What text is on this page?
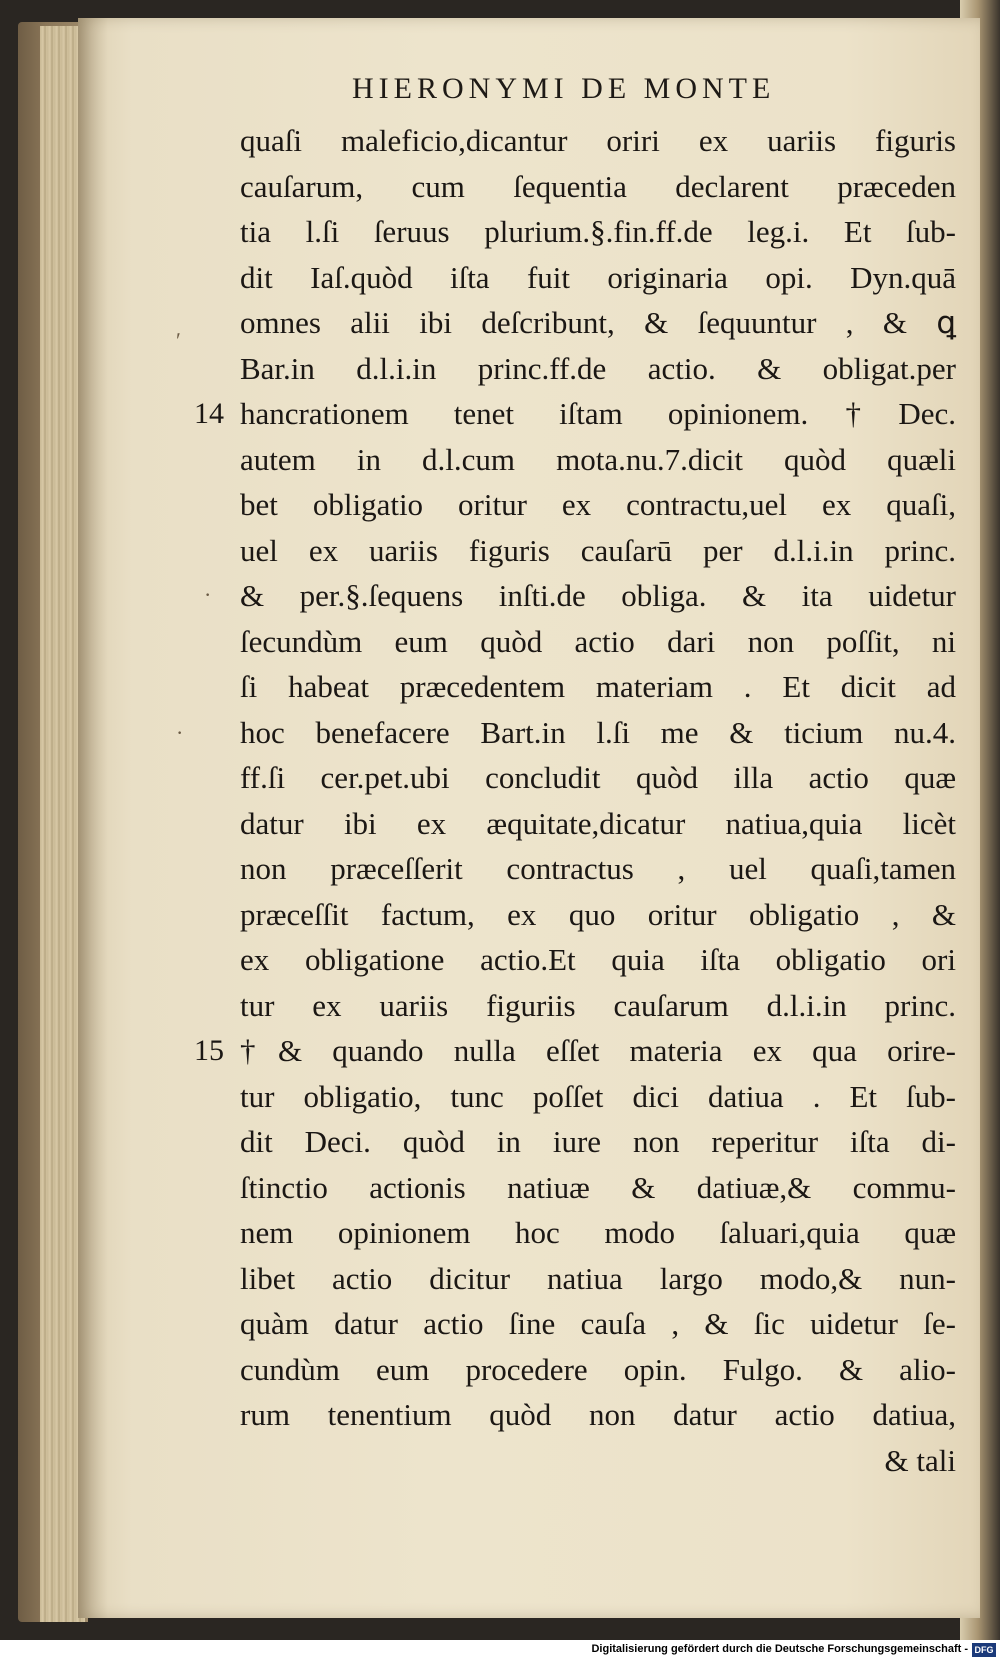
HIERONYMI DE MONTE
ʹ
·
·
quaſi maleficio,dicantur oriri ex uariis figuris
cauſarum, cum ſequentia declarent præceden
tia l.ſi ſeruus plurium.§.fin.ff.de leg.i. Et ſub-
dit Iaſ.quòd iſta fuit originaria opi. Dyn.quā
omnes alii ibi deſcribunt, & ſequuntur , & ꝗ
Bar.in d.l.i.in princ.ff.de actio. & obligat.per
hancrationem tenet iſtam opinionem.†Dec.
14
autem in d.l.cum mota.nu.7.dicit quòd quæli
bet obligatio oritur ex contractu,uel ex quaſi,
uel ex uariis figuris cauſarū per d.l.i.in princ.
& per.§.ſequens inſti.de obliga. & ita uidetur
ſecundùm eum quòd actio dari non poſſit, ni
ſi habeat præcedentem materiam . Et dicit ad
hoc benefacere Bart.in l.ſi me & ticium nu.4.
ff.ſi cer.pet.ubi concludit quòd illa actio quæ
datur ibi ex æquitate,dicatur natiua,quia licèt
non præceſſerit contractus , uel quaſi,tamen
præceſſit factum, ex quo oritur obligatio , &
ex obligatione actio.Et quia iſta obligatio ori
tur ex uariis figuriis cauſarum d.l.i.in princ.
†& quando nulla eſſet materia ex qua orire-
15
tur obligatio, tunc poſſet dici datiua . Et ſub-
dit Deci. quòd in iure non reperitur iſta di-
ſtinctio actionis natiuæ & datiuæ,& commu-
nem opinionem hoc modo ſaluari,quia quæ
libet actio dicitur natiua largo modo,& nun-
quàm datur actio ſine cauſa , & ſic uidetur ſe-
cundùm eum procedere opin. Fulgo. & alio-
rum tenentium quòd non datur actio datiua,
& tali
Digitalisierung gefördert durch die Deutsche Forschungsgemeinschaft - DFG
